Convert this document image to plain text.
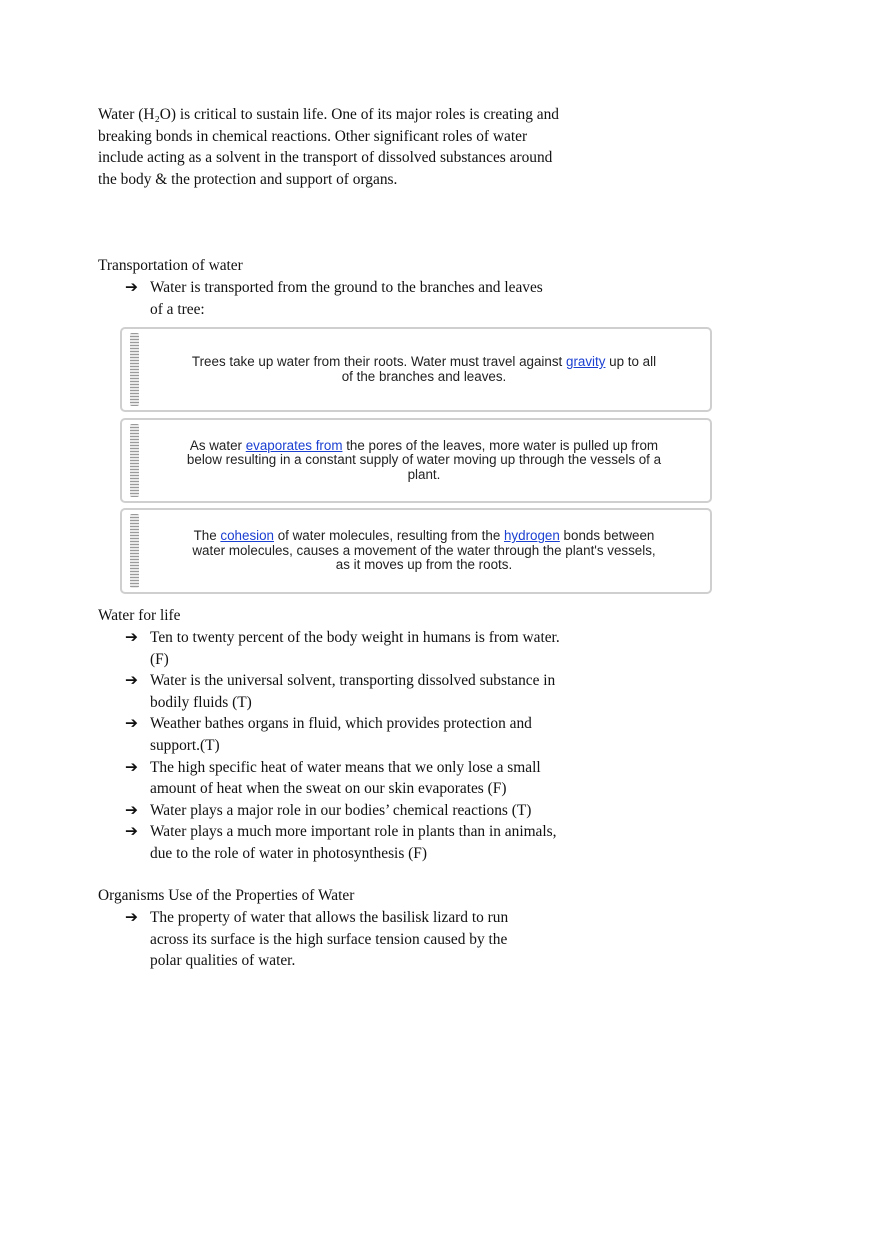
Water (H₂O) is critical to sustain life. One of its major roles is creating and breaking bonds in chemical reactions. Other significant roles of water include acting as a solvent in the transport of dissolved substances around the body & the protection and support of organs.

Transportation of water

➔ Water is transported from the ground to the branches and leaves of a tree:
Trees take up water from their roots. Water must travel against gravity up to all of the branches and leaves.
As water evaporates from the pores of the leaves, more water is pulled up from below resulting in a constant supply of water moving up through the vessels of a plant.
The cohesion of water molecules, resulting from the hydrogen bonds between water molecules, causes a movement of the water through the plant's vessels, as it moves up from the roots.

Water for life

➔ Ten to twenty percent of the body weight in humans is from water. (F)
➔ Water is the universal solvent, transporting dissolved substance in bodily fluids (T)
➔ Weather bathes organs in fluid, which provides protection and support.(T)
➔ The high specific heat of water means that we only lose a small amount of heat when the sweat on our skin evaporates (F)
➔ Water plays a major role in our bodies’ chemical reactions (T)
➔ Water plays a much more important role in plants than in animals, due to the role of water in photosynthesis (F)

Organisms Use of the Properties of Water

➔ The property of water that allows the basilisk lizard to run across its surface is the high surface tension caused by the polar qualities of water.
